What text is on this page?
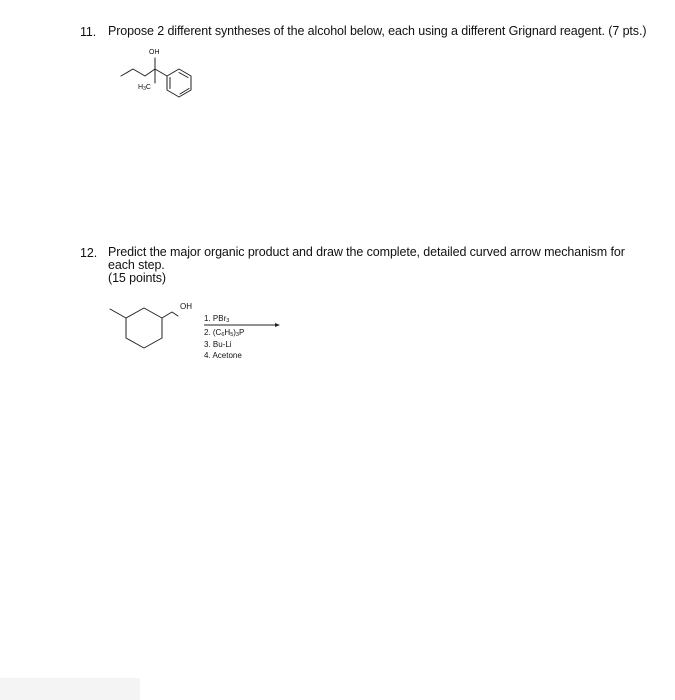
11. Propose 2 different syntheses of the alcohol below, each using a different Grignard reagent. (7 pts.)
OH
$H_3C$
12. Predict the major organic product and draw the complete, detailed curved arrow mechanism for
each step.
(15 points)
OH
1. PBr$_3$
2. $(C_6H_5)_3P$
3. Bu-Li
4. Acetone
